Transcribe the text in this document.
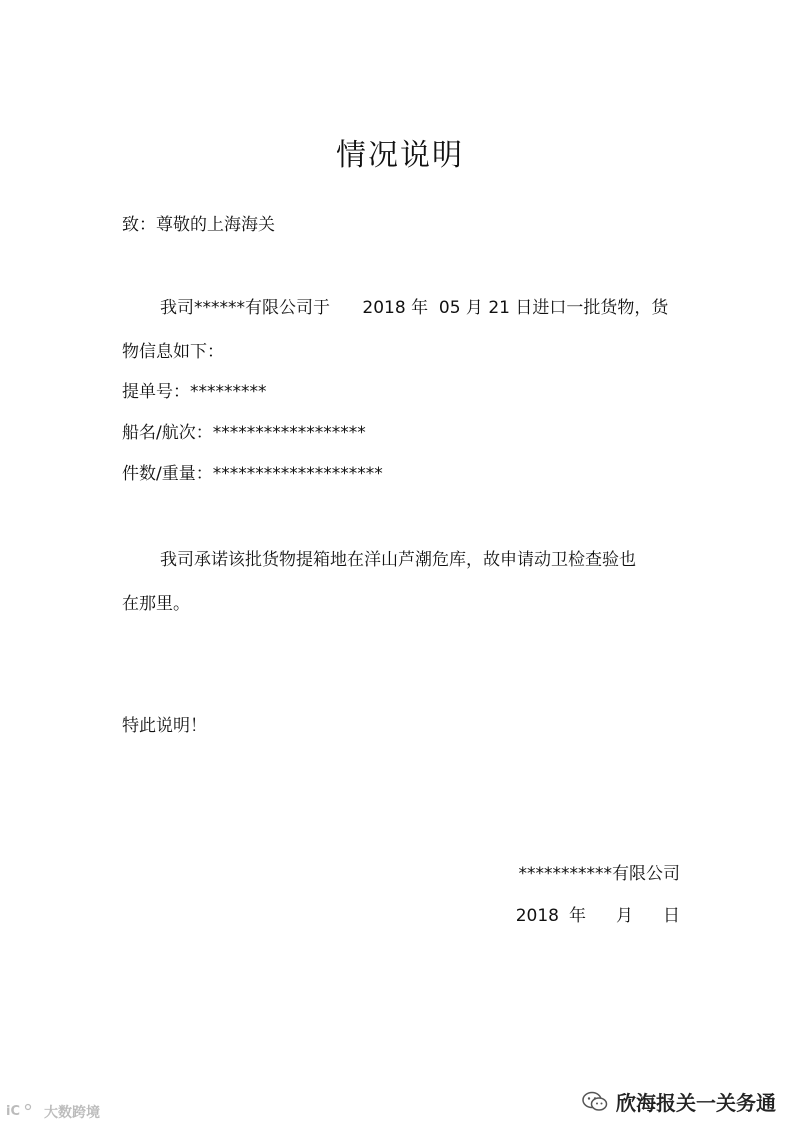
情况说明
致：尊敬的上海海关
我司******有限公司于      2018 年  05 月 21 日进口一批货物，货
物信息如下：
提单号：*********
船名/航次：******************
件数/重量：********************
我司承诺该批货物提箱地在洋山芦潮危库，故申请动卫检查验也
在那里。
特此说明！
***********有限公司
2018 年 月 日
欣海报关一关务通
iC 大数跨境
